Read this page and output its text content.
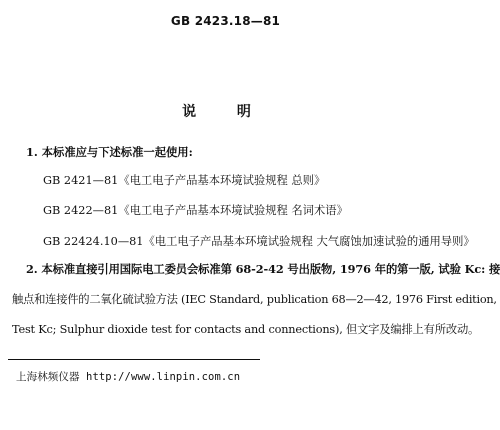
GB 2423.18—81
说 明
1. 本标准应与下述标准一起使用:
GB 2421—81《电工电子产品基本环境试验规程 总则》
GB 2422—81《电工电子产品基本环境试验规程 名词术语》
GB 22424.10—81《电工电子产品基本环境试验规程 大气腐蚀加速试验的通用导则》
2. 本标准直接引用国际电工委员会标准第 68-2-42 号出版物, 1976 年的第一版, 试验 Kc: 接
触点和连接件的二氧化硫试验方法 (IEC Standard, publication 68—2—42, 1976 First edition,
Test Kc; Sulphur dioxide test for contacts and connections), 但文字及编排上有所改动。
上海林频仪器 http://www.linpin.com.cn
